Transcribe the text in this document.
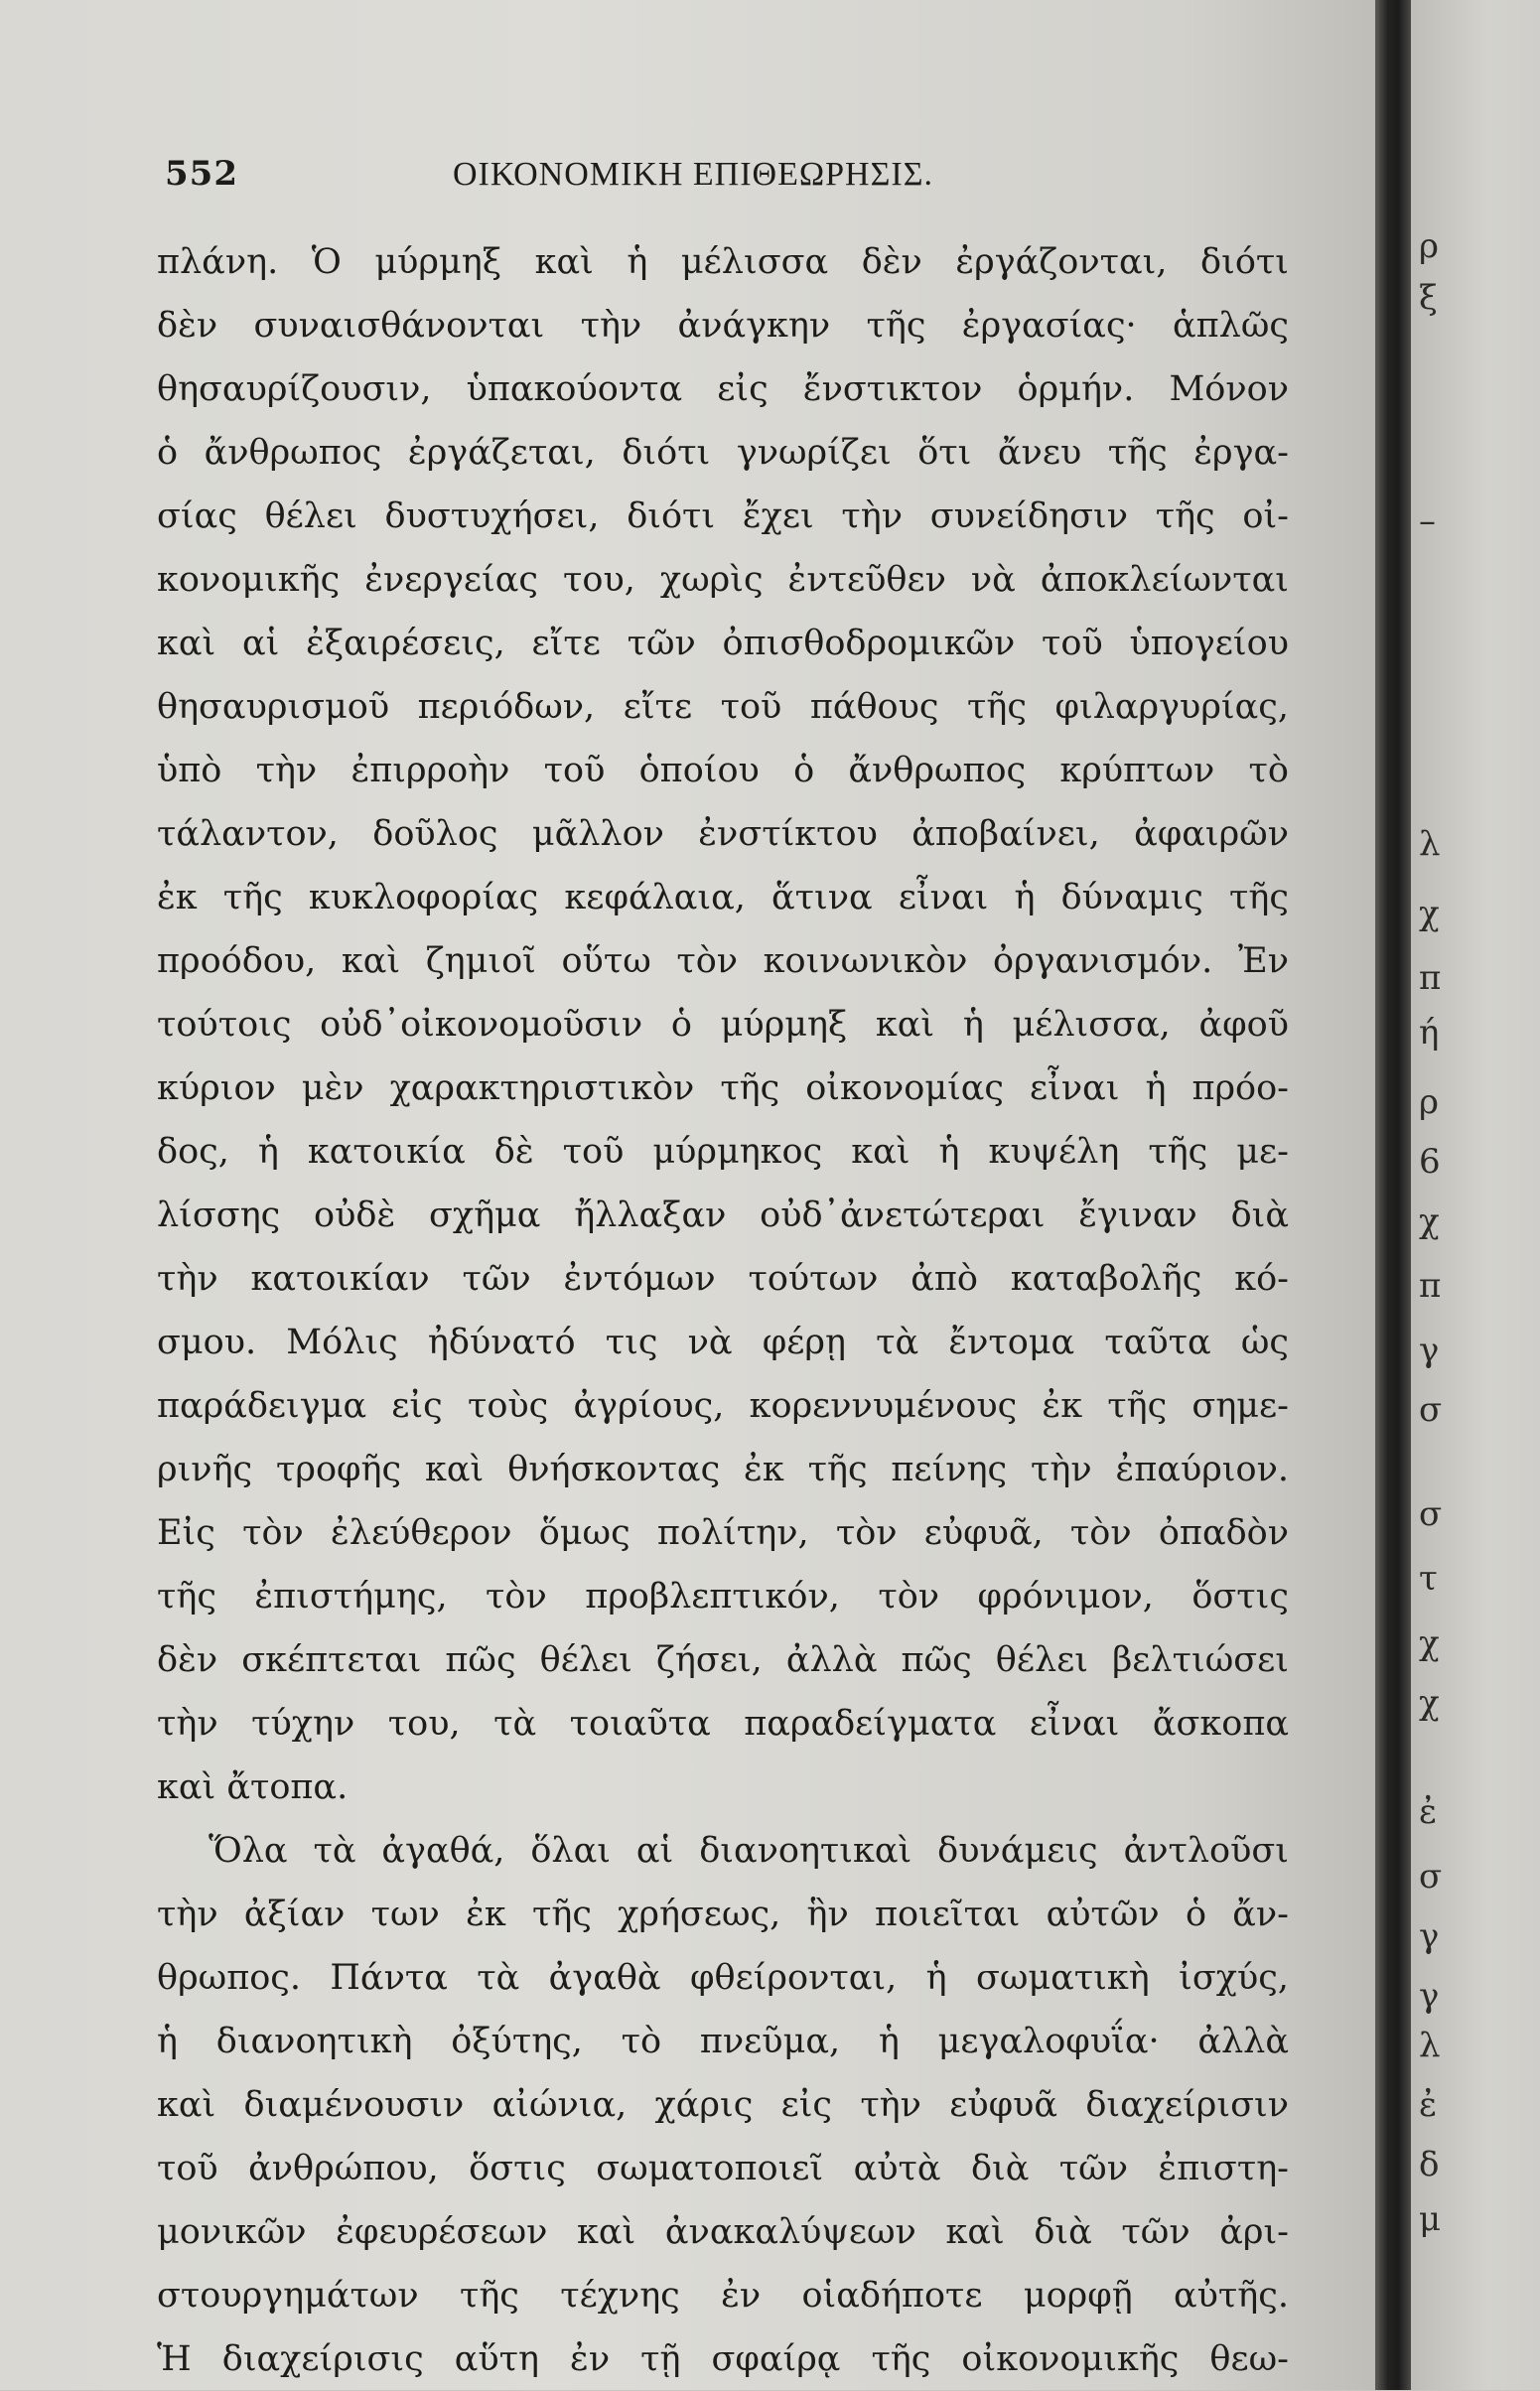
552	ΟΙΚΟΝΟΜΙΚΗ ΕΠΙΘΕΩΡΗΣΙΣ.
πλάνη. Ὁ μύρμηξ καὶ ἡ μέλισσα δὲν ἐργάζονται, διότι
δὲν συναισθάνονται τὴν ἀνάγκην τῆς ἐργασίας· ἁπλῶς
θησαυρίζουσιν, ὑπακούοντα εἰς ἔνστικτον ὁρμήν. Μόνον
ὁ ἄνθρωπος ἐργάζεται, διότι γνωρίζει ὅτι ἄνευ τῆς ἐργα-
σίας θέλει δυστυχήσει, διότι ἔχει τὴν συνείδησιν τῆς οἰ-
κονομικῆς ἐνεργείας του, χωρὶς ἐντεῦθεν νὰ ἀποκλείωνται
καὶ αἱ ἐξαιρέσεις, εἴτε τῶν ὀπισθοδρομικῶν τοῦ ὑπογείου
θησαυρισμοῦ περιόδων, εἴτε τοῦ πάθους τῆς φιλαργυρίας,
ὑπὸ τὴν ἐπιρροὴν τοῦ ὁποίου ὁ ἄνθρωπος κρύπτων τὸ
τάλαντον, δοῦλος μᾶλλον ἐνστίκτου ἀποβαίνει, ἀφαιρῶν
ἐκ τῆς κυκλοφορίας κεφάλαια, ἅτινα εἶναι ἡ δύναμις τῆς
προόδου, καὶ ζημιοῖ οὕτω τὸν κοινωνικὸν ὀργανισμόν. Ἐν
τούτοις οὐδ᾽οἰκονομοῦσιν ὁ μύρμηξ καὶ ἡ μέλισσα, ἀφοῦ
κύριον μὲν χαρακτηριστικὸν τῆς οἰκονομίας εἶναι ἡ πρόο-
δος, ἡ κατοικία δὲ τοῦ μύρμηκος καὶ ἡ κυψέλη τῆς με-
λίσσης οὐδὲ σχῆμα ἤλλαξαν οὐδ᾽ἀνετώτεραι ἔγιναν διὰ
τὴν κατοικίαν τῶν ἐντόμων τούτων ἀπὸ καταβολῆς κό-
σμου. Μόλις ἠδύνατό τις νὰ φέρῃ τὰ ἔντομα ταῦτα ὡς
παράδειγμα εἰς τοὺς ἀγρίους, κορεννυμένους ἐκ τῆς σημε-
ρινῆς τροφῆς καὶ θνήσκοντας ἐκ τῆς πείνης τὴν ἐπαύριον.
Εἰς τὸν ἐλεύθερον ὅμως πολίτην, τὸν εὐφυᾶ, τὸν ὀπαδὸν
τῆς ἐπιστήμης, τὸν προβλεπτικόν, τὸν φρόνιμον, ὅστις
δὲν σκέπτεται πῶς θέλει ζήσει, ἀλλὰ πῶς θέλει βελτιώσει
τὴν τύχην του, τὰ τοιαῦτα παραδείγματα εἶναι ἄσκοπα
καὶ ἄτοπα.
Ὅλα τὰ ἀγαθά, ὅλαι αἱ διανοητικαὶ δυνάμεις ἀντλοῦσι
τὴν ἀξίαν των ἐκ τῆς χρήσεως, ἣν ποιεῖται αὐτῶν ὁ ἄν-
θρωπος. Πάντα τὰ ἀγαθὰ φθείρονται, ἡ σωματικὴ ἰσχύς,
ἡ διανοητικὴ ὀξύτης, τὸ πνεῦμα, ἡ μεγαλοφυΐα· ἀλλὰ
καὶ διαμένουσιν αἰώνια, χάρις εἰς τὴν εὐφυᾶ διαχείρισιν
τοῦ ἀνθρώπου, ὅστις σωματοποιεῖ αὐτὰ διὰ τῶν ἐπιστη-
μονικῶν ἐφευρέσεων καὶ ἀνακαλύψεων καὶ διὰ τῶν ἀρι-
στουργημάτων τῆς τέχνης ἐν οἱαδήποτε μορφῇ αὐτῆς.
Ἡ διαχείρισις αὕτη ἐν τῇ σφαίρᾳ τῆς οἰκονομικῆς θεω-
ρ
ξ
–
λ
χ
π
ή
ρ
6
χ
π
γ
σ
σ
τ
χ
χ
ἐ
σ
γ
γ
λ
ἐ
δ
μ
